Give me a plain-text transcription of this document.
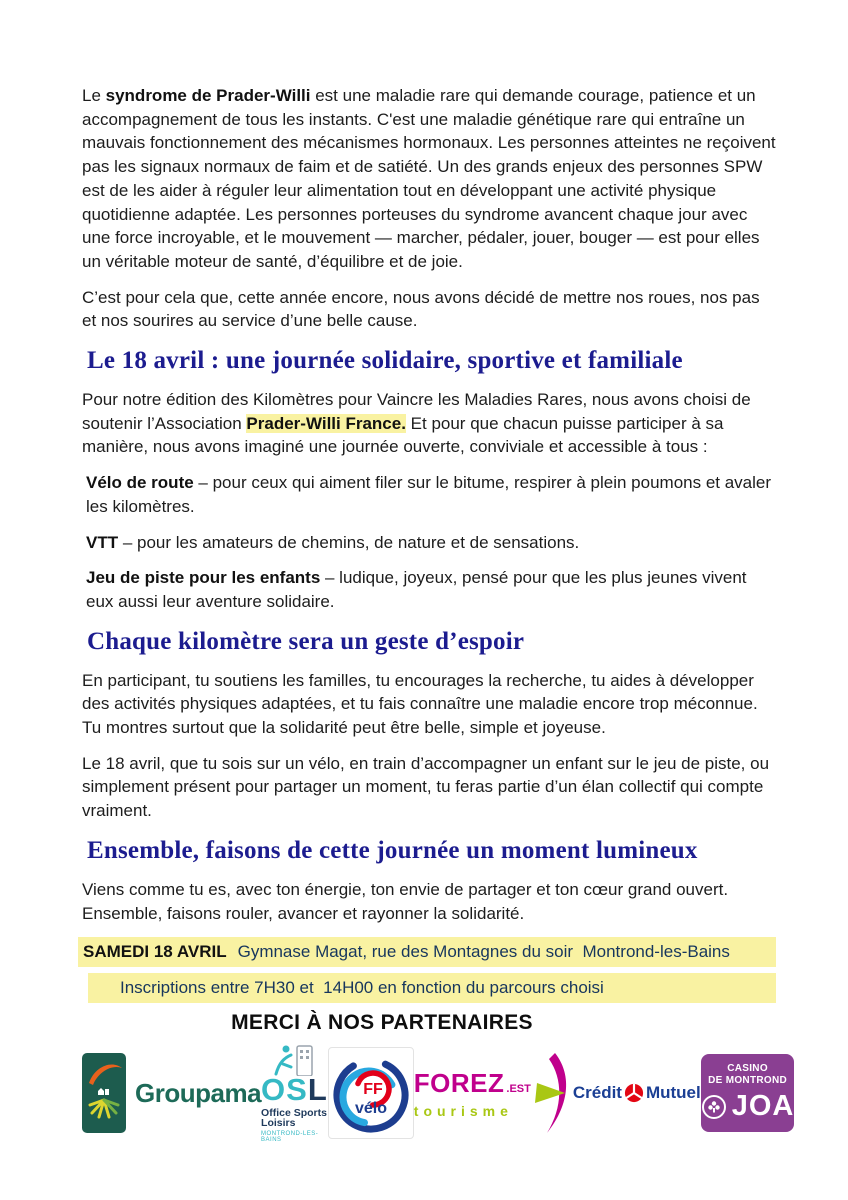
Le syndrome de Prader-Willi est une maladie rare qui demande courage, patience et un accompagnement de tous les instants. C'est une maladie génétique rare qui entraîne un mauvais fonctionnement des mécanismes hormonaux. Les personnes atteintes ne reçoivent pas les signaux normaux de faim et de satiété. Un des grands enjeux des personnes SPW est de les aider à réguler leur alimentation tout en développant une activité physique quotidienne adaptée. Les personnes porteuses du syndrome avancent chaque jour avec une force incroyable, et le mouvement — marcher, pédaler, jouer, bouger — est pour elles un véritable moteur de santé, d’équilibre et de joie.

C’est pour cela que, cette année encore, nous avons décidé de mettre nos roues, nos pas et nos sourires au service d’une belle cause.

Le 18 avril : une journée solidaire, sportive et familiale

Pour notre édition des Kilomètres pour Vaincre les Maladies Rares, nous avons choisi de soutenir l’Association Prader-Willi France. Et pour que chacun puisse participer à sa manière, nous avons imaginé une journée ouverte, conviviale et accessible à tous :

Vélo de route – pour ceux qui aiment filer sur le bitume, respirer à plein poumons et avaler les kilomètres.

VTT – pour les amateurs de chemins, de nature et de sensations.

Jeu de piste pour les enfants – ludique, joyeux, pensé pour que les plus jeunes vivent eux aussi leur aventure solidaire.

Chaque kilomètre sera un geste d’espoir

En participant, tu soutiens les familles, tu encourages la recherche, tu aides à développer des activités physiques adaptées, et tu fais connaître une maladie encore trop méconnue. Tu montres surtout que la solidarité peut être belle, simple et joyeuse.

Le 18 avril, que tu sois sur un vélo, en train d’accompagner un enfant sur le jeu de piste, ou simplement présent pour partager un moment, tu feras partie d’un élan collectif qui compte vraiment.

Ensemble, faisons de cette journée un moment lumineux

Viens comme tu es, avec ton énergie, ton envie de partager et ton cœur grand ouvert. Ensemble, faisons rouler, avancer et rayonner la solidarité.

SAMEDI 18 AVRIL Gymnase Magat, rue des Montagnes du soir  Montrond-les-Bains
Inscriptions entre 7H30 et  14H00 en fonction du parcours choisi
MERCI À NOS PARTENAIRES
Groupama OSL
Office Sports Loisirs
MONTROND-LES-BAINS
FF
vélo
FOREZ .EST
tourisme
Crédit Mutuel
CASINO
DE MONTROND
JOA
